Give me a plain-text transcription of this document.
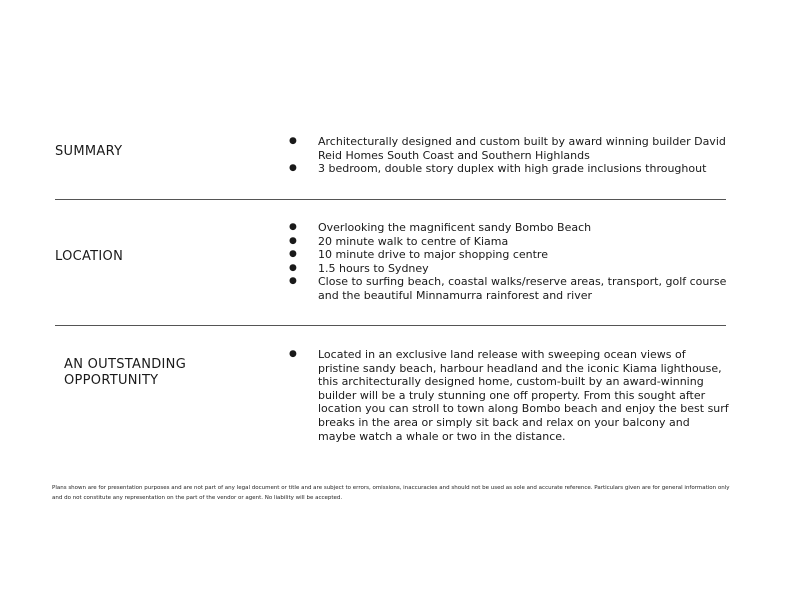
SUMMARY
● Architecturally designed and custom built by award winning builder David Reid Homes South Coast and Southern Highlands
● 3 bedroom, double story duplex with high grade inclusions throughout
LOCATION
● Overlooking the magnificent sandy Bombo Beach
● 20 minute walk to centre of Kiama
● 10 minute drive to major shopping centre
● 1.5 hours to Sydney
● Close to surfing beach, coastal walks/reserve areas, transport, golf course and the beautiful Minnamurra rainforest and river
AN OUTSTANDING
OPPORTUNITY
● Located in an exclusive land release with sweeping ocean views of pristine sandy beach, harbour headland and the iconic Kiama lighthouse, this architecturally designed home, custom-built by an award-winning builder will be a truly stunning one off property. From this sought after location you can stroll to town along Bombo beach and enjoy the best surf breaks in the area or simply sit back and relax on your balcony and maybe watch a whale or two in the distance.
Plans shown are for presentation purposes and are not part of any legal document or title and are subject to errors, omissions, inaccuracies and should not be used as sole and accurate reference. Particulars given are for general information only and do not constitute any representation on the part of the vendor or agent. No liability will be accepted.
